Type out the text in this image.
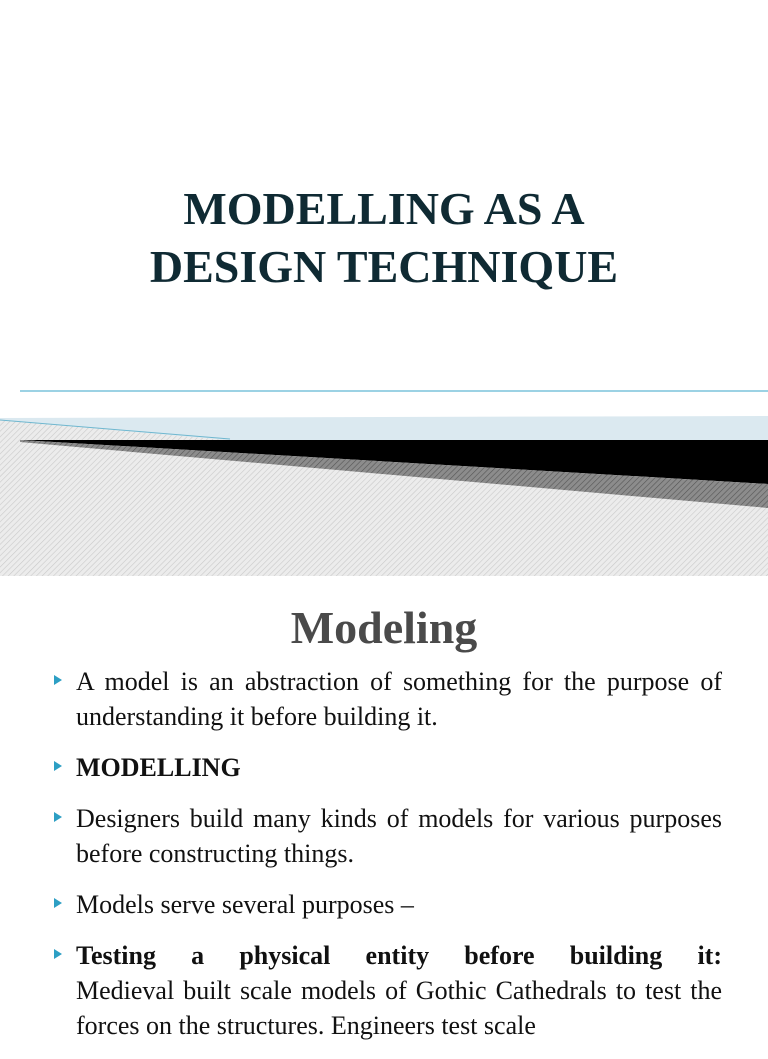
MODELLING AS A
DESIGN TECHNIQUE
Modeling
A model is an abstraction of something for the purpose of understanding it before building it.
MODELLING
Designers build many kinds of models for various purposes before constructing things.
Models serve several purposes –
Testing a physical entity before building it:
Medieval built scale models of Gothic Cathedrals to test the forces on the structures. Engineers test scale
